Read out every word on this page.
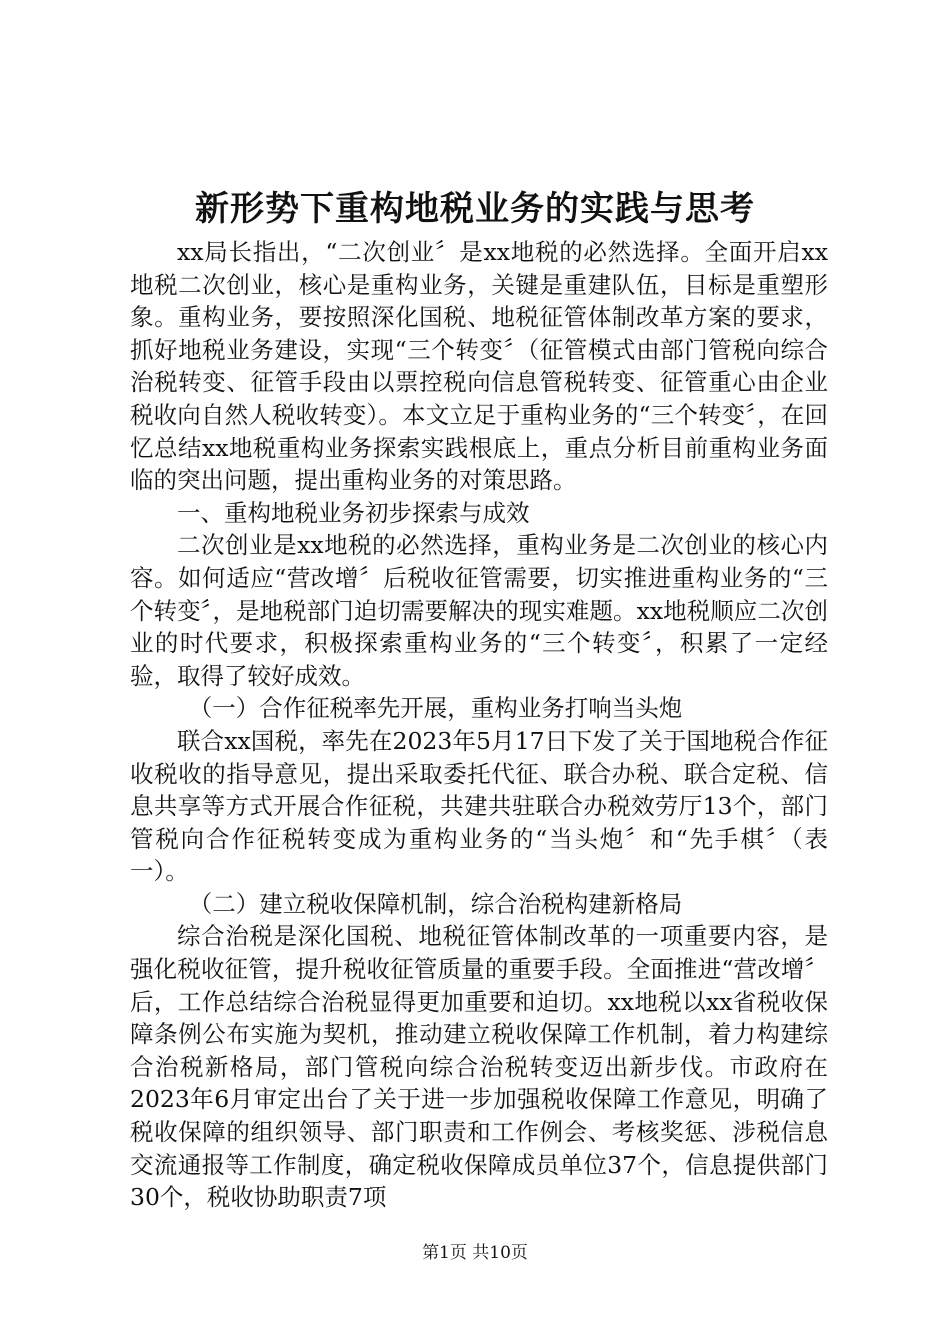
新形势下重构地税业务的实践与思考

xx局长指出，“二次创业〞是xx地税的必然选择。全面开启xx地税二次创业，核心是重构业务，关键是重建队伍，目标是重塑形象。重构业务，要按照深化国税、地税征管体制改革方案的要求，抓好地税业务建设，实现“三个转变〞（征管模式由部门管税向综合治税转变、征管手段由以票控税向信息管税转变、征管重心由企业税收向自然人税收转变）。本文立足于重构业务的“三个转变〞，在回忆总结xx地税重构业务探索实践根底上，重点分析目前重构业务面临的突出问题，提出重构业务的对策思路。

一、重构地税业务初步探索与成效

二次创业是xx地税的必然选择，重构业务是二次创业的核心内容。如何适应“营改增〞后税收征管需要，切实推进重构业务的“三个转变〞，是地税部门迫切需要解决的现实难题。xx地税顺应二次创业的时代要求，积极探索重构业务的“三个转变〞，积累了一定经验，取得了较好成效。

（一）合作征税率先开展，重构业务打响当头炮

联合xx国税，率先在2023年5月17日下发了关于国地税合作征收税收的指导意见，提出采取委托代征、联合办税、联合定税、信息共享等方式开展合作征税，共建共驻联合办税效劳厅13个，部门管税向合作征税转变成为重构业务的“当头炮〞和“先手棋〞（表一）。

（二）建立税收保障机制，综合治税构建新格局

综合治税是深化国税、地税征管体制改革的一项重要内容，是强化税收征管，提升税收征管质量的重要手段。全面推进“营改增〞后，工作总结综合治税显得更加重要和迫切。xx地税以xx省税收保障条例公布实施为契机，推动建立税收保障工作机制，着力构建综合治税新格局，部门管税向综合治税转变迈出新步伐。市政府在2023年6月审定出台了关于进一步加强税收保障工作意见，明确了税收保障的组织领导、部门职责和工作例会、考核奖惩、涉税信息交流通报等工作制度，确定税收保障成员单位37个，信息提供部门30个，税收协助职责7项

第1页 共10页
